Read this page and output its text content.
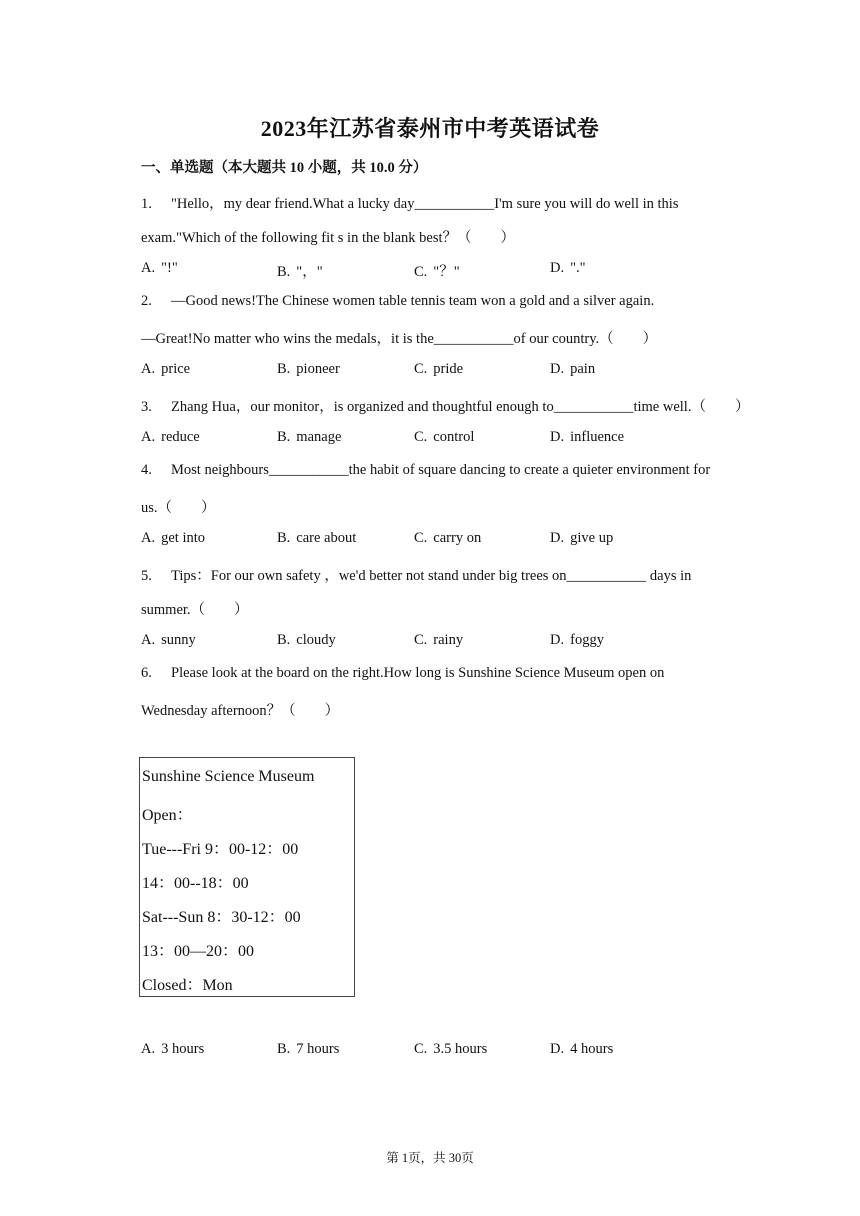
2023年江苏省泰州市中考英语试卷
一、单选题（本大题共 10 小题，共 10.0 分）
1. "Hello，my dear friend.What a lucky day___________I'm sure you will do well in this
exam."Which of the following fit s in the blank best？（　　）
A. "!"	B. "，"	C. "？"	D. "."
2. —Good news!The Chinese women table tennis team won a gold and a silver again.
—Great!No matter who wins the medals，it is the___________of our country.（　　）
A. price	B. pioneer	C. pride	D. pain
3. Zhang Hua，our monitor，is organized and thoughtful enough to___________time well.（　　）
A. reduce	B. manage	C. control	D. influence
4. Most neighbours___________the habit of square dancing to create a quieter environment for
us.（　　）
A. get into	B. care about	C. carry on	D. give up
5. Tips：For our own safety ，we'd better not stand under big trees on___________ days in
summer.（　　）
A. sunny	B. cloudy	C. rainy	D. foggy
6. Please look at the board on the right.How long is Sunshine Science Museum open on
Wednesday afternoon？（　　）
Sunshine Science Museum
Open：
Tue---Fri 9：00-12：00
14：00--18：00
Sat---Sun 8：30-12：00
13：00—20：00
Closed：Mon
A. 3 hours	B. 7 hours	C. 3.5 hours	D. 4 hours
第 1页，共 30页
